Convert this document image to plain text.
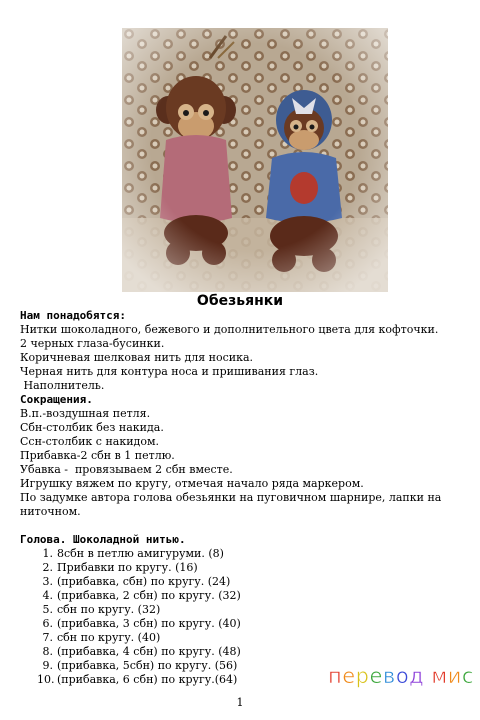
Обезьянки

Нам понадобятся:

Нитки шоколадного, бежевого и дополнительного цвета для кофточки.

2 черных глаза-бусинки.

Коричневая шелковая нить для носика.

Черная нить для контура носа и пришивания глаз.

Наполнитель.

Сокращения.

В.п.-воздушная петля.

Сбн-столбик без накида.

Ссн-столбик с накидом.

Прибавка-2 сбн в 1 петлю.

Убавка -  провязываем 2 сбн вместе.

Игрушку вяжем по кругу, отмечая начало ряда маркером.

По задумке автора голова обезьянки на пуговичном шарнире, лапки на ниточном.

Голова. Шоколадной нитью.

1. 8сбн в петлю амигуруми. (8)
2. Прибавки по кругу. (16)
3. (прибавка, сбн) по кругу. (24)
4. (прибавка, 2 сбн) по кругу. (32)
5. сбн по кругу. (32)
6. (прибавка, 3 сбн) по кругу. (40)
7. сбн по кругу. (40)
8. (прибавка, 4 сбн) по кругу. (48)
9. (прибавка, 5сбн) по кругу. (56)
10. (прибавка, 6 сбн) по кругу.(64)	перевод мис
1
